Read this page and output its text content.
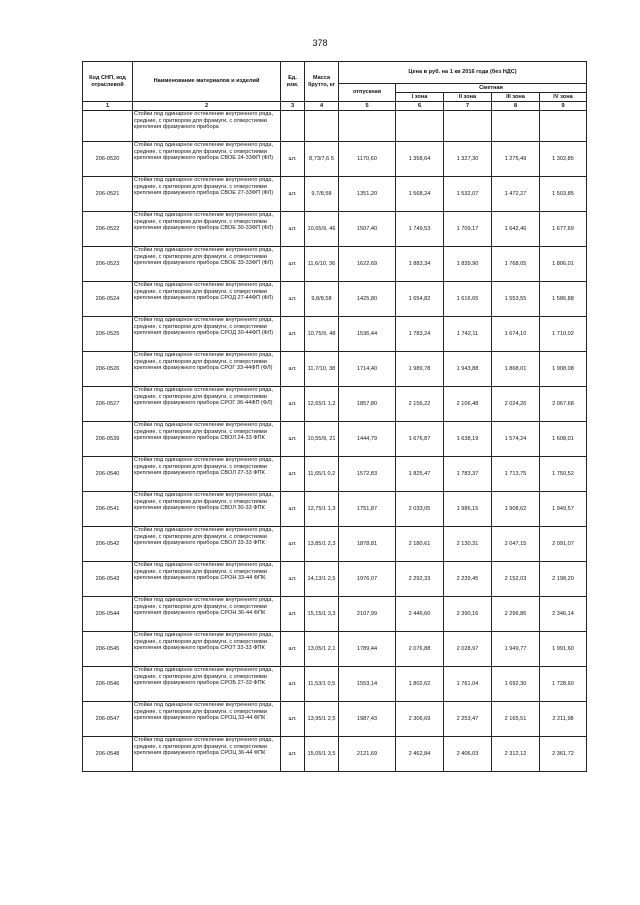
378
Код СНП, код отраслевой	Наименование материалов и изделий	Ед. изм.	Масса брутто, кг	Цена в руб. на 1 кв 2016 года (без НДС)				
				отпускная	Сметная			
					I зона	II зона	III зона	IV зона
1	2	3	4	5	6	7	8	9
	Стойки под одинарное остекление внутреннего ряда, средние, с притвором для фрамуги, с отверстиями крепления фрамужного прибора							
206-0520	Стойки под одинарное остекление внутреннего ряда, средние, с притвором для фрамуги, с отверстиями крепления фрамужного прибора СВОЕ 24-33ФП (ФЛ)	шт.	8,73/7,6 5	1170,60	1 358,64	1 327,30	1 275,49	1 302,85
206-0521	Стойки под одинарное остекление внутреннего ряда, средние, с притвором для фрамуги, с отверстиями крепления фрамужного прибора СВОЕ 27-33ФП (ФЛ)	шт.	9,7/8,58	1351,20	1 568,24	1 532,07	1 472,27	1 503,85
206-0522	Стойки под одинарное остекление внутреннего ряда, средние, с притвором для фрамуги, с отверстиями крепления фрамужного прибора СВОЕ 30-33ФП (ФЛ)	шт.	10,65/9, 46	1507,40	1 749,53	1 709,17	1 642,46	1 677,69
206-0523	Стойки под одинарное остекление внутреннего ряда, средние, с притвором для фрамуги, с отверстиями крепления фрамужного прибора СВОЕ 33-33ФП (ФЛ)	шт.	11,6/10, 36	1622,69	1 883,34	1 839,90	1 768,05	1 806,01
206-0524	Стойки под одинарное остекление внутреннего ряда, средние, с притвором для фрамуги, с отверстиями крепления фрамужного прибора СРОД 27-44ФП (ФЛ)	шт.	9,8/8,58	1425,80	1 654,82	1 616,65	1 553,55	1 586,88
206-0525	Стойки под одинарное остекление внутреннего ряда, средние, с притвором для фрамуги, с отверстиями крепления фрамужного прибора СРОД 30-44ФП (ФЛ)	шт.	10,75/9, 48	1536,44	1 783,24	1 742,11	1 674,10	1 710,02
206-0526	Стойки под одинарное остекление внутреннего ряда, средние, с притвором для фрамуги, с отверстиями крепления фрамужного прибора СРОГ 33-44ФП (ФЛ)	шт.	11,7/10, 38	1714,40	1 989,78	1 943,88	1 868,01	1 908,08
206-0527	Стойки под одинарное остекление внутреннего ряда, средние, с притвором для фрамуги, с отверстиями крепления фрамужного прибора СРОГ 36-44ФП (ФЛ)	шт.	12,65/1 1,2	1857,80	2 156,22	2 106,48	2 024,26	2 067,68
206-0539	Стойки под одинарное остекление внутреннего ряда, средние, с притвором для фрамуги, с отверстиями крепления фрамужного прибора СВОЛ 24-33 ФПК	шт.	10,55/9, 21	1444,79	1 676,87	1 638,19	1 574,24	1 608,01
206-0540	Стойки под одинарное остекление внутреннего ряда, средние, с притвором для фрамуги, с отверстиями крепления фрамужного прибора СВОЛ 27-33 ФПК	шт.	11,65/1 0,2	1572,83	1 825,47	1 783,37	1 713,75	1 750,52
206-0541	Стойки под одинарное остекление внутреннего ряда, средние, с притвором для фрамуги, с отверстиями крепления фрамужного прибора СВОЛ 30-33 ФПК	шт.	12,75/1 1,3	1751,87	2 033,05	1 986,15	1 908,62	1 949,57
206-0542	Стойки под одинарное остекление внутреннего ряда, средние, с притвором для фрамуги, с отверстиями крепления фрамужного прибора СВОЛ 33-33 ФПК	шт.	13,85/1 2,3	1878,81	2 180,61	2 130,31	2 047,15	2 091,07
206-0543	Стойки под одинарное остекление внутреннего ряда, средние, с притвором для фрамуги, с отверстиями крепления фрамужного прибора СРОН 33-44 ФПК	шт.	14,13/1 2,5	1976,07	2 292,33	2 239,45	2 152,03	2 198,20
206-0544	Стойки под одинарное остекление внутреннего ряда, средние, с притвором для фрамуги, с отверстиями крепления фрамужного прибора СРОН 36-44 ФПК	шт.	15,15/1 3,3	2107,99	2 446,60	2 390,16	2 296,86	2 346,14
206-0545	Стойки под одинарное остекление внутреннего ряда, средние, с притвором для фрамуги, с отверстиями крепления фрамужного прибора СРОТ 33-33 ФПК	шт.	13,05/1 2,1	1789,44	2 076,88	2 028,97	1 949,77	1 991,60
206-0546	Стойки под одинарное остекление внутреннего ряда, средние, с притвором для фрамуги, с отверстиями крепления фрамужного прибора СРОБ 27-33 ФПК	шт.	11,53/1 0,5	1553,14	1 802,62	1 761,04	1 692,30	1 728,60
206-0547	Стойки под одинарное остекление внутреннего ряда, средние, с притвором для фрамуги, с отверстиями крепления фрамужного прибора СРОЦ 33-44 ФПК	шт.	13,95/1 2,5	1987,43	2 306,69	2 253,47	2 165,51	2 211,98
206-0548	Стойки под одинарное остекление внутреннего ряда, средние, с притвором для фрамуги, с отверстиями крепления фрамужного прибора СРОЦ 36-44 ФПК	шт.	15,05/1 3,5	2121,69	2 462,84	2 406,03	2 312,12	2 361,72
